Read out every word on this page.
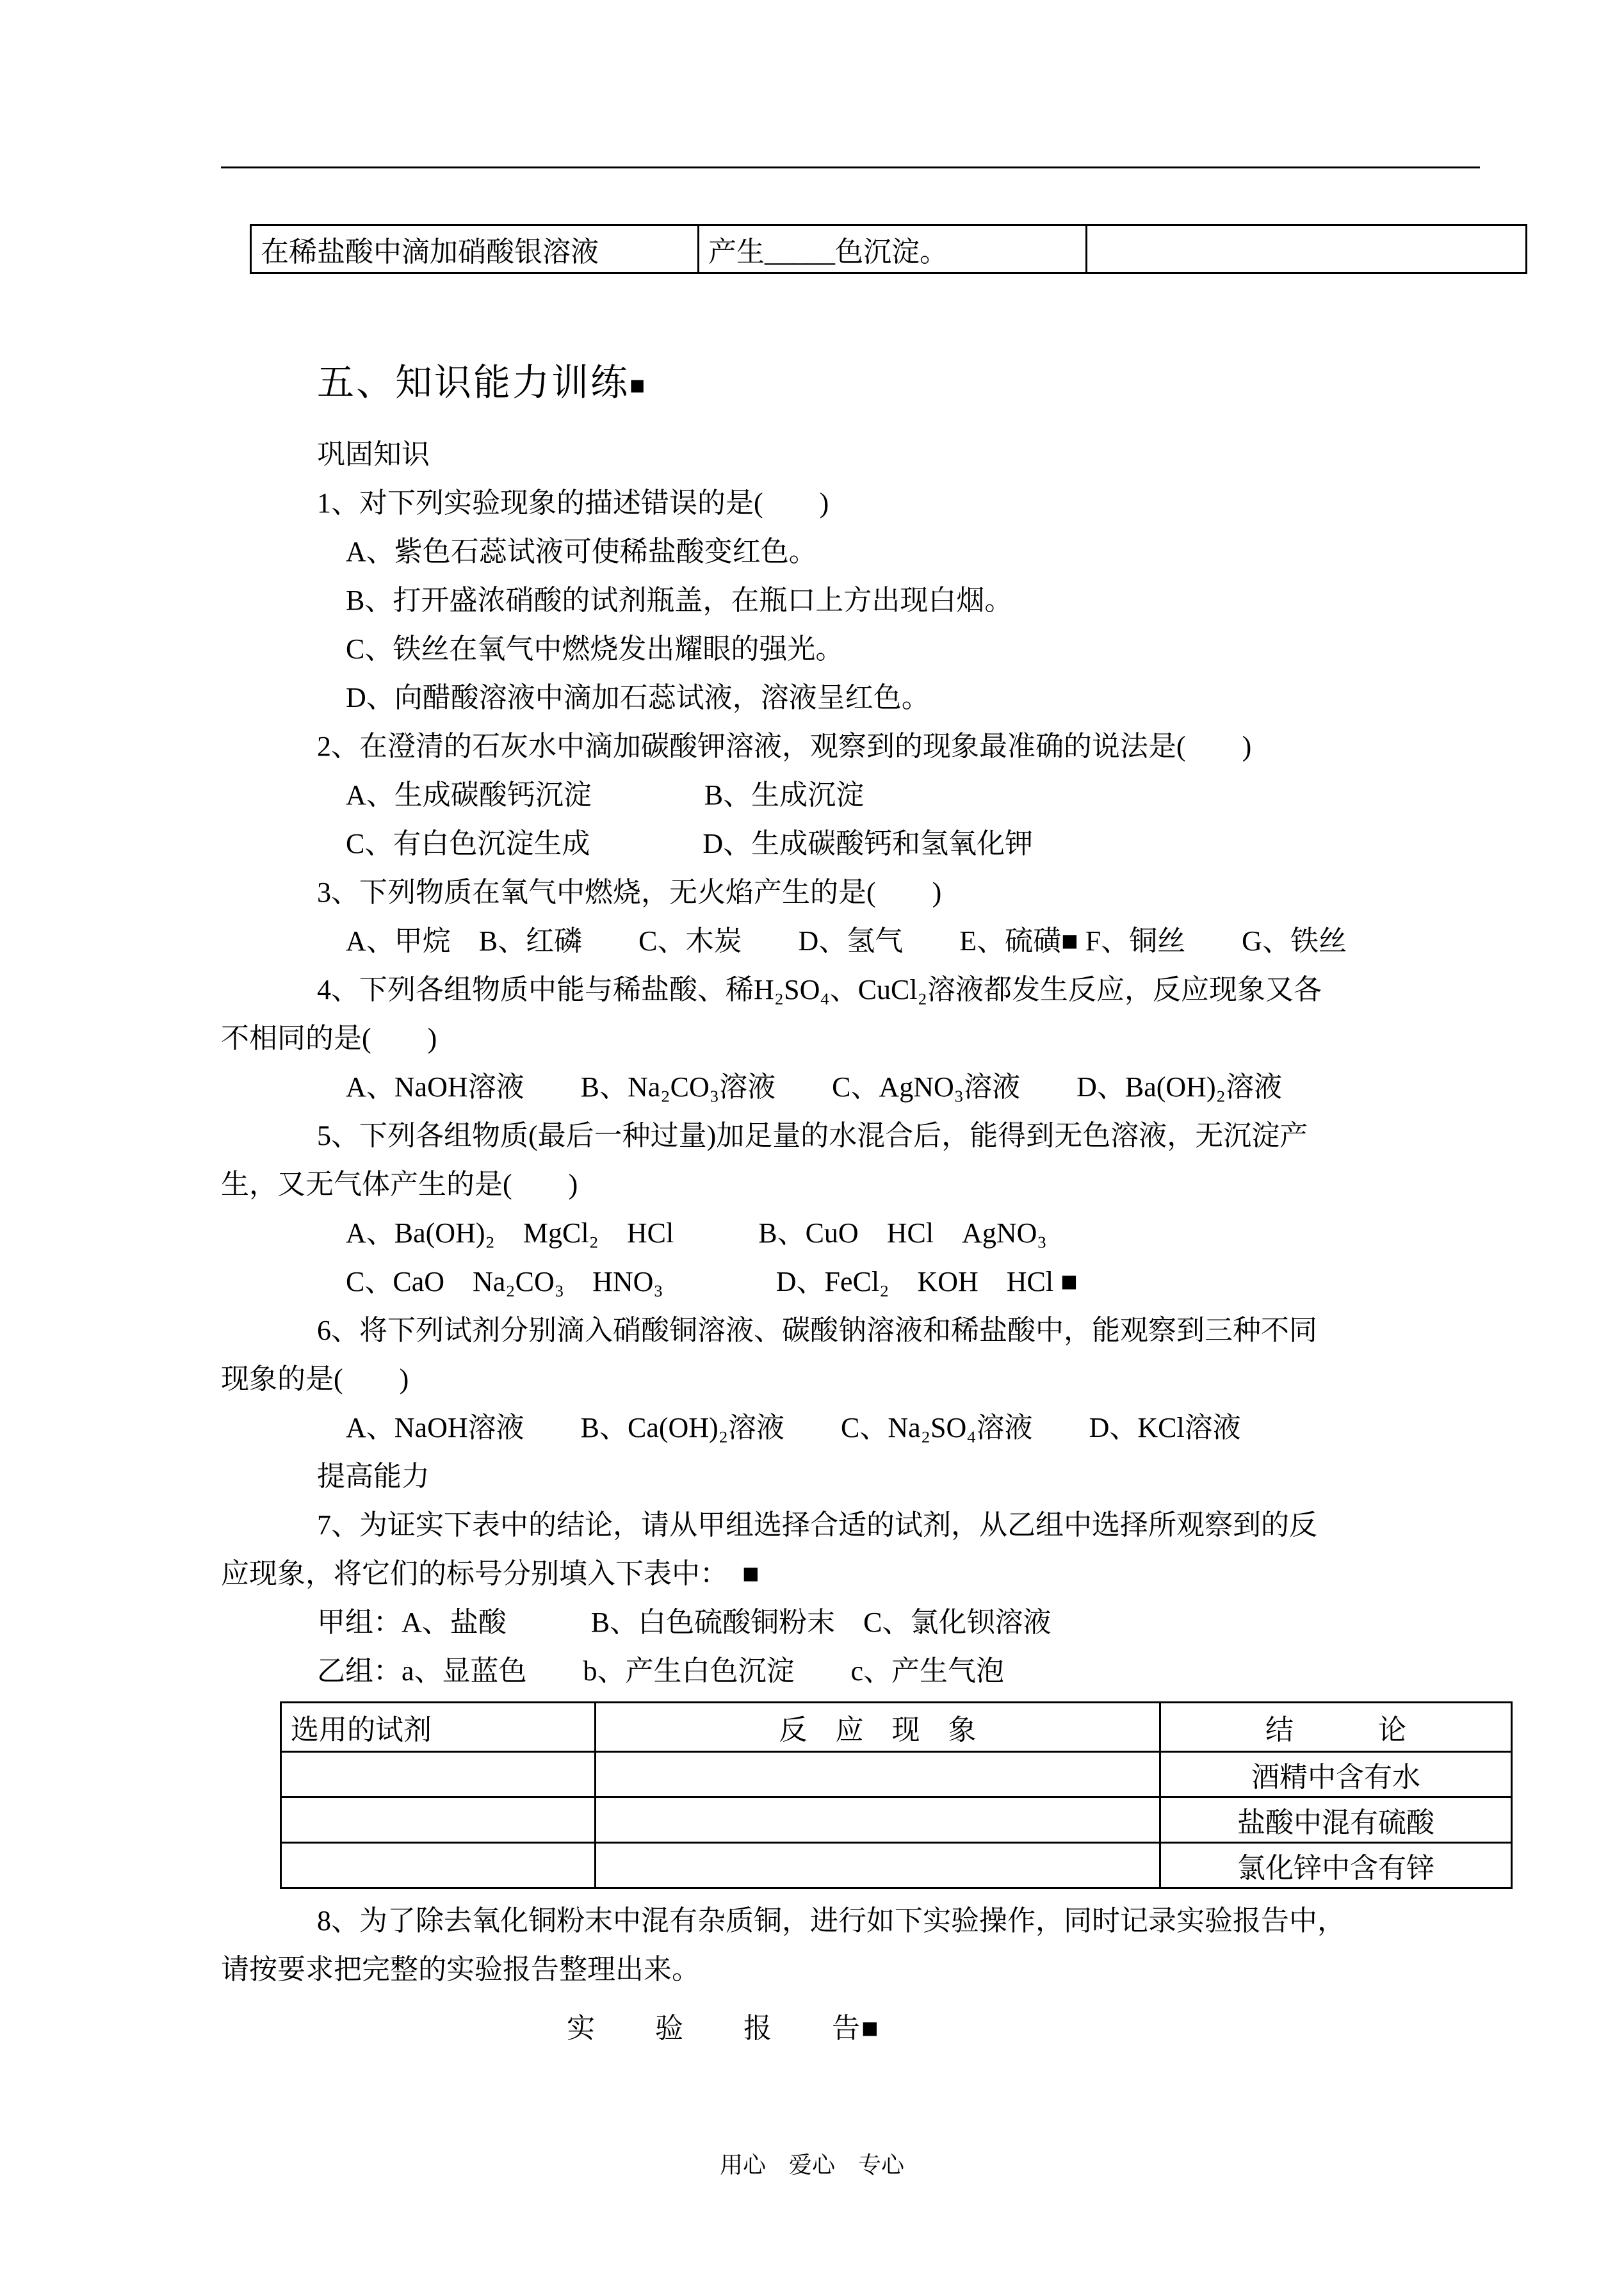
在稀盐酸中滴加硝酸银溶液	产生_____色沉淀。	
五、知识能力训练■
巩固知识
1、对下列实验现象的描述错误的是(　　)
A、紫色石蕊试液可使稀盐酸变红色。
B、打开盛浓硝酸的试剂瓶盖，在瓶口上方出现白烟。
C、铁丝在氧气中燃烧发出耀眼的强光。
D、向醋酸溶液中滴加石蕊试液，溶液呈红色。
2、在澄清的石灰水中滴加碳酸钾溶液，观察到的现象最准确的说法是(　　)
A、生成碳酸钙沉淀　　　　B、生成沉淀
C、有白色沉淀生成　　　　D、生成碳酸钙和氢氧化钾
3、下列物质在氧气中燃烧，无火焰产生的是(　　)
A、甲烷　B、红磷　　C、木炭　　D、氢气　　E、硫磺■ F、铜丝　　G、铁丝
4、下列各组物质中能与稀盐酸、稀H₂SO₄、CuCl₂溶液都发生反应，反应现象又各
不相同的是(　　)
A、NaOH溶液　　B、Na₂CO₃溶液　　C、AgNO₃溶液　　D、Ba(OH)₂溶液
5、下列各组物质(最后一种过量)加足量的水混合后，能得到无色溶液，无沉淀产
生，又无气体产生的是(　　)
A、Ba(OH)₂　MgCl₂　HCl　　　B、CuO　HCl　AgNO₃
C、CaO　Na₂CO₃　HNO₃　　　　D、FeCl₂　KOH　HCl ■
6、将下列试剂分别滴入硝酸铜溶液、碳酸钠溶液和稀盐酸中，能观察到三种不同
现象的是(　　)
A、NaOH溶液　　B、Ca(OH)₂溶液　　C、Na₂SO₄溶液　　D、KCl溶液
提高能力
7、为证实下表中的结论，请从甲组选择合适的试剂，从乙组中选择所观察到的反
应现象，将它们的标号分别填入下表中：　■
甲组：A、盐酸　　　B、白色硫酸铜粉末　C、氯化钡溶液
乙组：a、显蓝色　　b、产生白色沉淀　　c、产生气泡
选用的试剂	反　应　现　象	结　　　论
		酒精中含有水
		盐酸中混有硫酸
		氯化锌中含有锌
8、为了除去氧化铜粉末中混有杂质铜，进行如下实验操作，同时记录实验报告中，
请按要求把完整的实验报告整理出来。
实　　验　　报　　告■
用心　爱心　专心
